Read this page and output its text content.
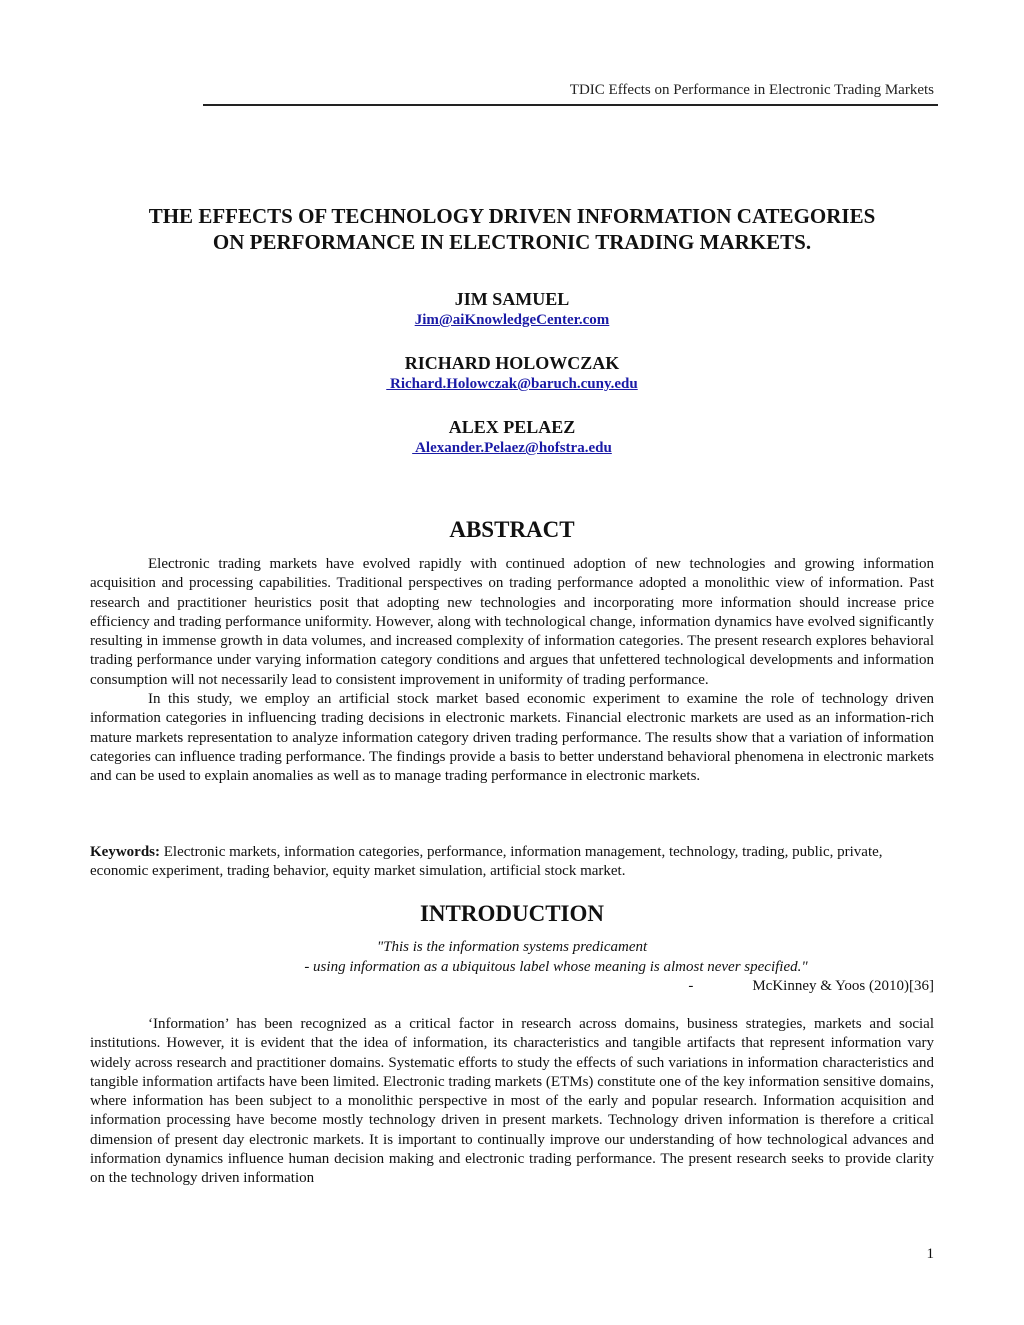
TDIC Effects on Performance in Electronic Trading Markets
THE EFFECTS OF TECHNOLOGY DRIVEN INFORMATION CATEGORIES
ON PERFORMANCE IN ELECTRONIC TRADING MARKETS.
JIM SAMUEL
Jim@aiKnowledgeCenter.com
RICHARD HOLOWCZAK
Richard.Holowczak@baruch.cuny.edu
ALEX PELAEZ
Alexander.Pelaez@hofstra.edu
ABSTRACT

Electronic trading markets have evolved rapidly with continued adoption of new technologies and growing information acquisition and processing capabilities. Traditional perspectives on trading performance adopted a monolithic view of information. Past research and practitioner heuristics posit that adopting new technologies and incorporating more information should increase price efficiency and trading performance uniformity. However, along with technological change, information dynamics have evolved significantly resulting in immense growth in data volumes, and increased complexity of information categories. The present research explores behavioral trading performance under varying information category conditions and argues that unfettered technological developments and information consumption will not necessarily lead to consistent improvement in uniformity of trading performance.

In this study, we employ an artificial stock market based economic experiment to examine the role of technology driven information categories in influencing trading decisions in electronic markets. Financial electronic markets are used as an information-rich mature markets representation to analyze information category driven trading performance. The results show that a variation of information categories can influence trading performance. The findings provide a basis to better understand behavioral phenomena in electronic markets and can be used to explain anomalies as well as to manage trading performance in electronic markets.

Keywords: Electronic markets, information categories, performance, information management, technology, trading, public, private, economic experiment, trading behavior, equity market simulation, artificial stock market.
INTRODUCTION
"This is the information systems predicament
- using information as a ubiquitous label whose meaning is almost never specified."
-	McKinney & Yoos (2010)[36]

‘Information’ has been recognized as a critical factor in research across domains, business strategies, markets and social institutions. However, it is evident that the idea of information, its characteristics and tangible artifacts that represent information vary widely across research and practitioner domains. Systematic efforts to study the effects of such variations in information characteristics and tangible information artifacts have been limited. Electronic trading markets (ETMs) constitute one of the key information sensitive domains, where information has been subject to a monolithic perspective in most of the early and popular research. Information acquisition and information processing have become mostly technology driven in present markets. Technology driven information is therefore a critical dimension of present day electronic markets. It is important to continually improve our understanding of how technological advances and information dynamics influence human decision making and electronic trading performance. The present research seeks to provide clarity on the technology driven information

1
